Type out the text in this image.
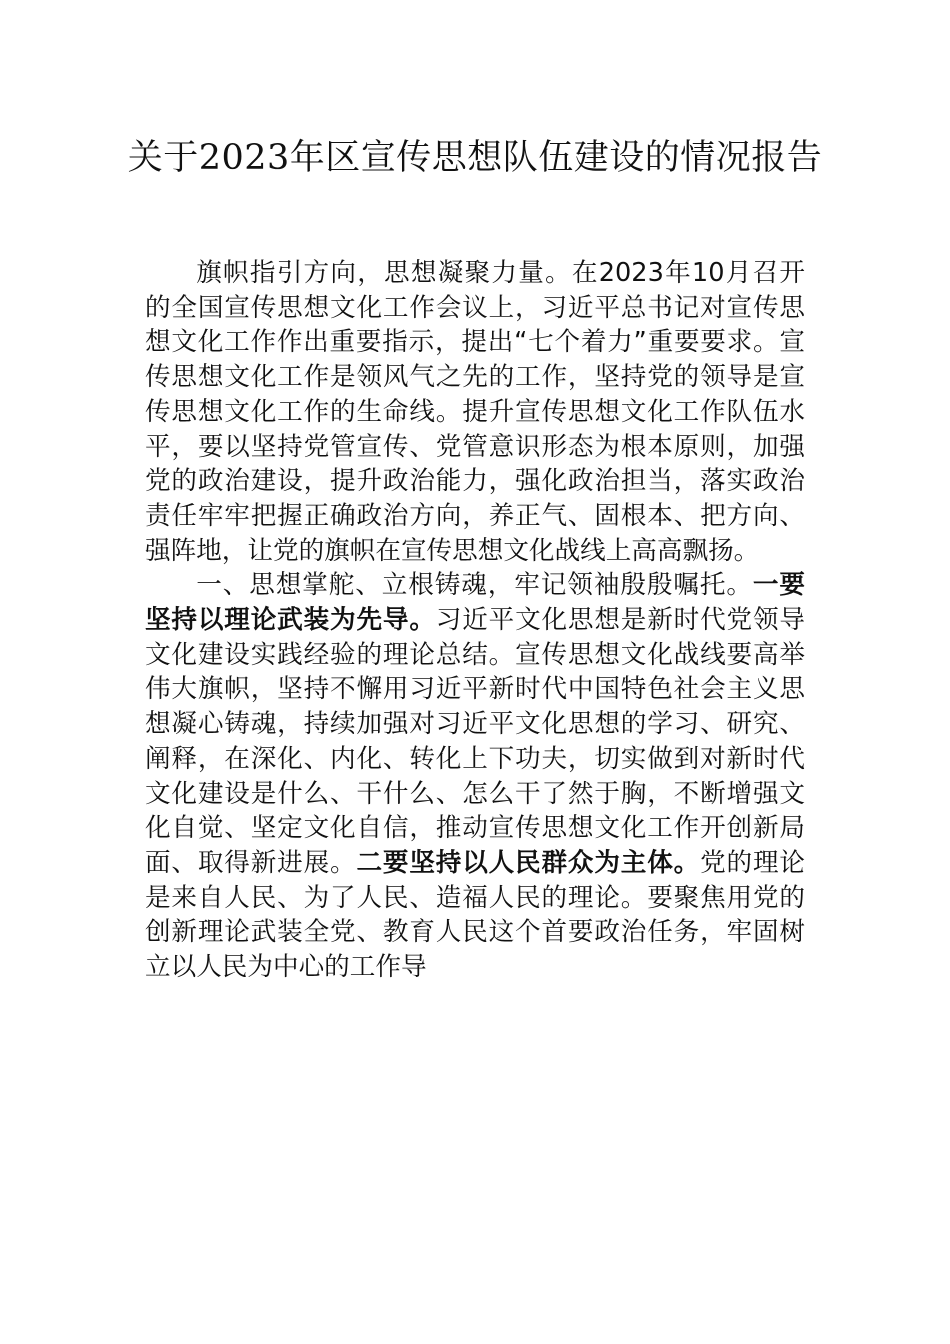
关于2023年区宣传思想队伍建设的情况报告

旗帜指引方向，思想凝聚力量。在2023年10月召开的全国宣传思想文化工作会议上，习近平总书记对宣传思想文化工作作出重要指示，提出“七个着力”重要要求。宣传思想文化工作是领风气之先的工作，坚持党的领导是宣传思想文化工作的生命线。提升宣传思想文化工作队伍水平，要以坚持党管宣传、党管意识形态为根本原则，加强党的政治建设，提升政治能力，强化政治担当，落实政治责任牢牢把握正确政治方向，养正气、固根本、把方向、强阵地，让党的旗帜在宣传思想文化战线上高高飘扬。

一、思想掌舵、立根铸魂，牢记领袖殷殷嘱托。一要坚持以理论武装为先导。习近平文化思想是新时代党领导文化建设实践经验的理论总结。宣传思想文化战线要高举伟大旗帜，坚持不懈用习近平新时代中国特色社会主义思想凝心铸魂，持续加强对习近平文化思想的学习、研究、阐释，在深化、内化、转化上下功夫，切实做到对新时代文化建设是什么、干什么、怎么干了然于胸，不断增强文化自觉、坚定文化自信，推动宣传思想文化工作开创新局面、取得新进展。二要坚持以人民群众为主体。党的理论是来自人民、为了人民、造福人民的理论。要聚焦用党的创新理论武装全党、教育人民这个首要政治任务，牢固树立以人民为中心的工作导
